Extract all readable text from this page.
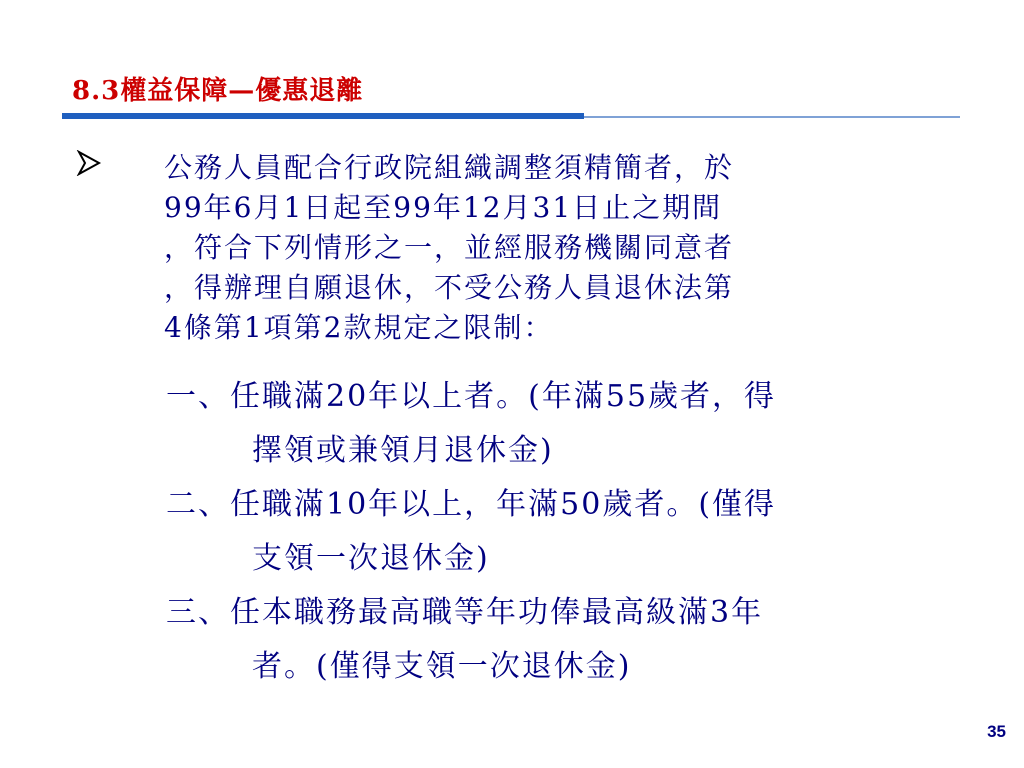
8.3權益保障—優惠退離
公務人員配合行政院組織調整須精簡者，於
99年6月1日起至99年12月31日止之期間
，符合下列情形之一，並經服務機關同意者
，得辦理自願退休，不受公務人員退休法第
4條第1項第2款規定之限制：
一、任職滿20年以上者。(年滿55歲者，得
擇領或兼領月退休金)
二、任職滿10年以上，年滿50歲者。(僅得
支領一次退休金)
三、任本職務最高職等年功俸最高級滿3年
者。(僅得支領一次退休金)
35
